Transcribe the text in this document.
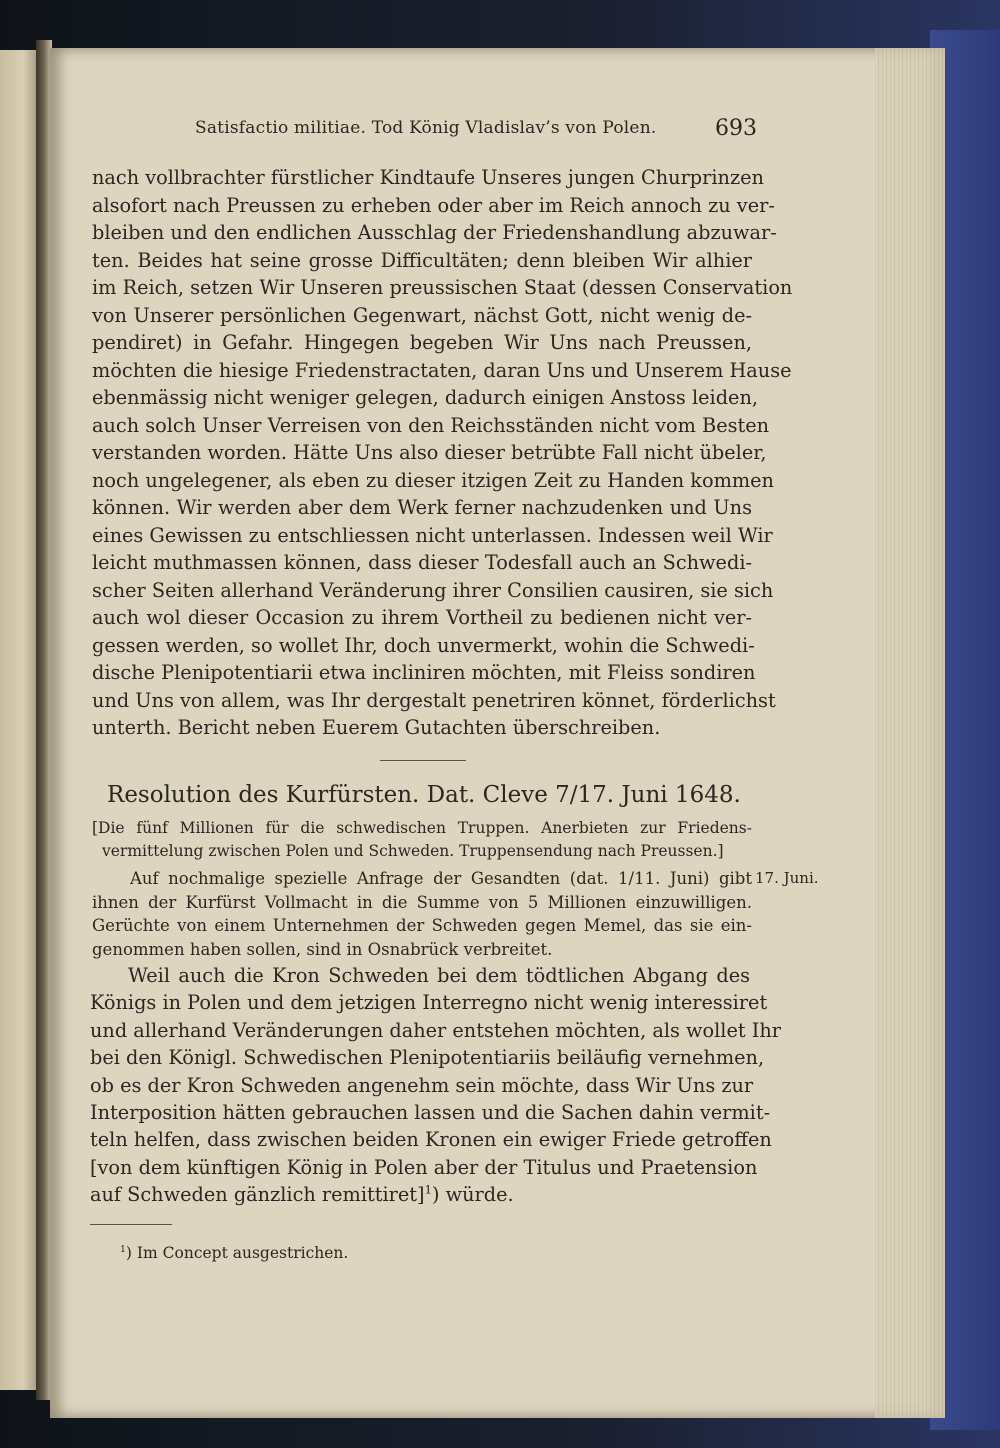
Satisfactio militiae. Tod König Vladislav’s von Polen.	693
nach vollbrachter fürstlicher Kindtaufe Unseres jungen Churprinzen
alsofort nach Preussen zu erheben oder aber im Reich annoch zu ver-
bleiben und den endlichen Ausschlag der Friedenshandlung abzuwar-
ten. Beides hat seine grosse Difficultäten; denn bleiben Wir alhier
im Reich, setzen Wir Unseren preussischen Staat (dessen Conservation
von Unserer persönlichen Gegenwart, nächst Gott, nicht wenig de-
pendiret) in Gefahr. Hingegen begeben Wir Uns nach Preussen,
möchten die hiesige Friedenstractaten, daran Uns und Unserem Hause
ebenmässig nicht weniger gelegen, dadurch einigen Anstoss leiden,
auch solch Unser Verreisen von den Reichsständen nicht vom Besten
verstanden worden. Hätte Uns also dieser betrübte Fall nicht übeler,
noch ungelegener, als eben zu dieser itzigen Zeit zu Handen kommen
können. Wir werden aber dem Werk ferner nachzudenken und Uns
eines Gewissen zu entschliessen nicht unterlassen. Indessen weil Wir
leicht muthmassen können, dass dieser Todesfall auch an Schwedi-
scher Seiten allerhand Veränderung ihrer Consilien causiren, sie sich
auch wol dieser Occasion zu ihrem Vortheil zu bedienen nicht ver-
gessen werden, so wollet Ihr, doch unvermerkt, wohin die Schwedi-
dische Plenipotentiarii etwa incliniren möchten, mit Fleiss sondiren
und Uns von allem, was Ihr dergestalt penetriren könnet, förderlichst
unterth. Bericht neben Euerem Gutachten überschreiben.
Resolution des Kurfürsten. Dat. Cleve 7/17. Juni 1648.
[Die fünf Millionen für die schwedischen Truppen. Anerbieten zur Friedens-
vermittelung zwischen Polen und Schweden. Truppensendung nach Preussen.]
Auf nochmalige spezielle Anfrage der Gesandten (dat. 1/11. Juni) gibt
ihnen der Kurfürst Vollmacht in die Summe von 5 Millionen einzuwilligen.
Gerüchte von einem Unternehmen der Schweden gegen Memel, das sie ein-
genommen haben sollen, sind in Osnabrück verbreitet.
17. Juni.
Weil auch die Kron Schweden bei dem tödtlichen Abgang des
Königs in Polen und dem jetzigen Interregno nicht wenig interessiret
und allerhand Veränderungen daher entstehen möchten, als wollet Ihr
bei den Königl. Schwedischen Plenipotentiariis beiläufig vernehmen,
ob es der Kron Schweden angenehm sein möchte, dass Wir Uns zur
Interposition hätten gebrauchen lassen und die Sachen dahin vermit-
teln helfen, dass zwischen beiden Kronen ein ewiger Friede getroffen
[von dem künftigen König in Polen aber der Titulus und Praetension
auf Schweden gänzlich remittiret]$^1$) würde.
$^1$) Im Concept ausgestrichen.
